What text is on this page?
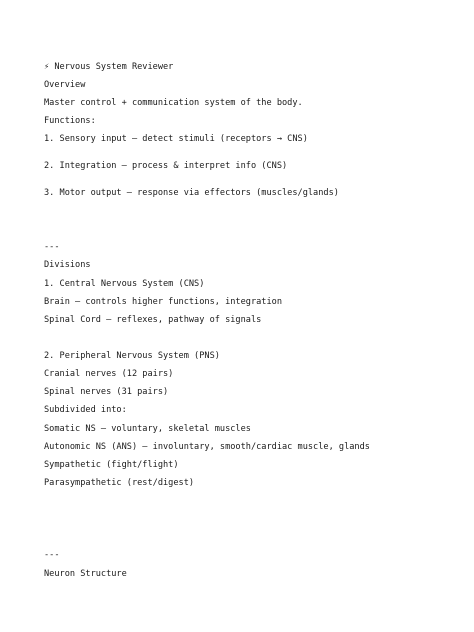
⚡ Nervous System Reviewer
Overview
Master control + communication system of the body.
Functions:
1. Sensory input – detect stimuli (receptors → CNS)
2. Integration – process & interpret info (CNS)
3. Motor output – response via effectors (muscles/glands)
---
Divisions
1. Central Nervous System (CNS)
Brain – controls higher functions, integration
Spinal Cord – reflexes, pathway of signals
2. Peripheral Nervous System (PNS)
Cranial nerves (12 pairs)
Spinal nerves (31 pairs)
Subdivided into:
Somatic NS – voluntary, skeletal muscles
Autonomic NS (ANS) – involuntary, smooth/cardiac muscle, glands
Sympathetic (fight/flight)
Parasympathetic (rest/digest)
---
Neuron Structure
